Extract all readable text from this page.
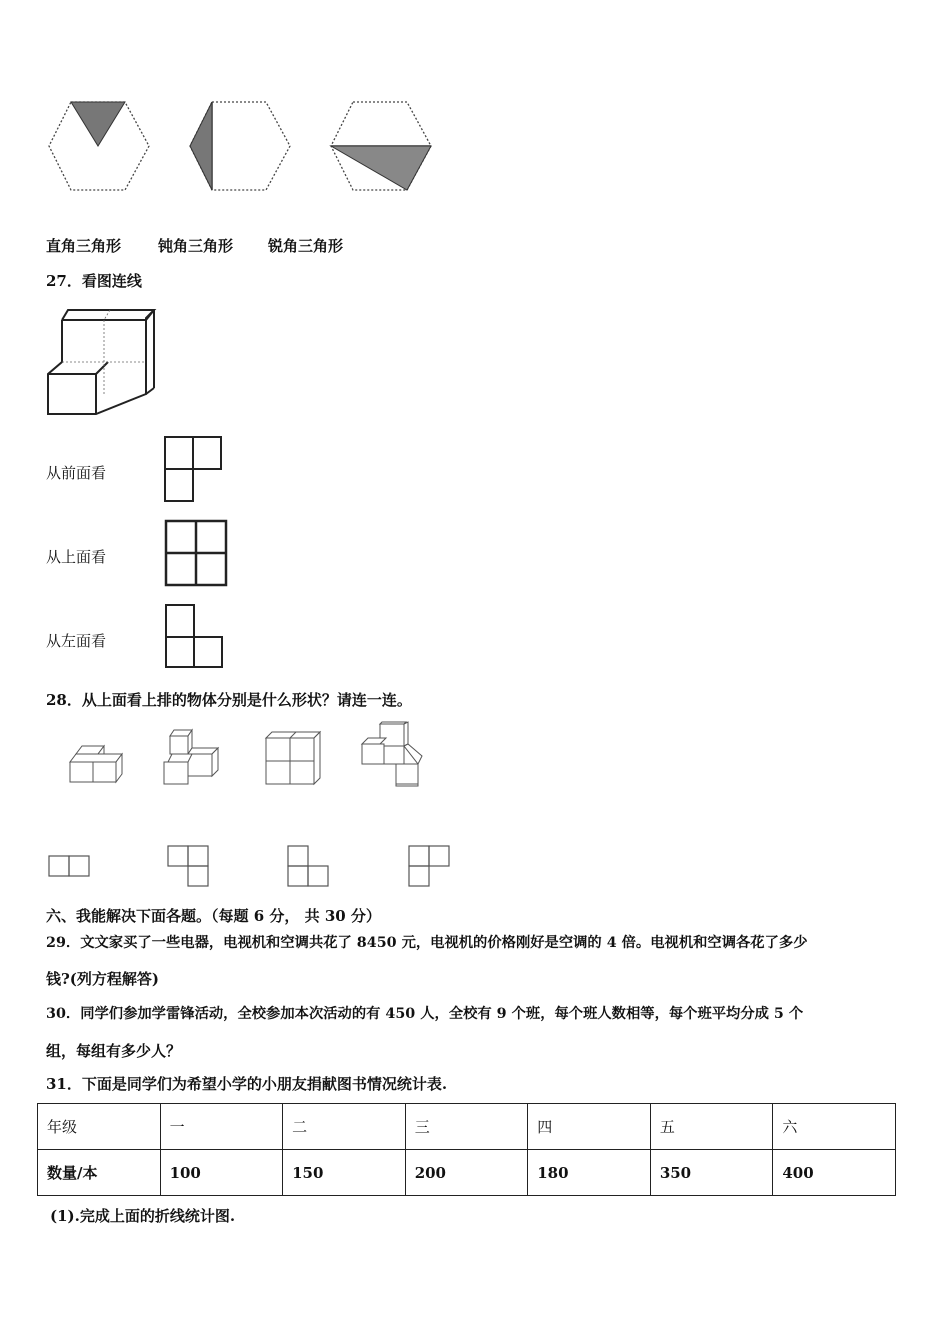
直角三角形 钝角三角形 锐角三角形
27．看图连线
从前面看
从上面看
从左面看
28．从上面看上排的物体分别是什么形状？请连一连。
六、我能解决下面各题。（每题 6 分， 共 30 分）
29．文文家买了一些电器，电视机和空调共花了 8450 元，电视机的价格刚好是空调的 4 倍。电视机和空调各花了多少
钱?(列方程解答)
30．同学们参加学雷锋活动，全校参加本次活动的有 450 人，全校有 9 个班，每个班人数相等，每个班平均分成 5 个
组，每组有多少人？
31．下面是同学们为希望小学的小朋友捐献图书情况统计表.
年级	一	二	三	四	五	六
数量/本	100	150	200	180	350	400
(1).完成上面的折线统计图.
